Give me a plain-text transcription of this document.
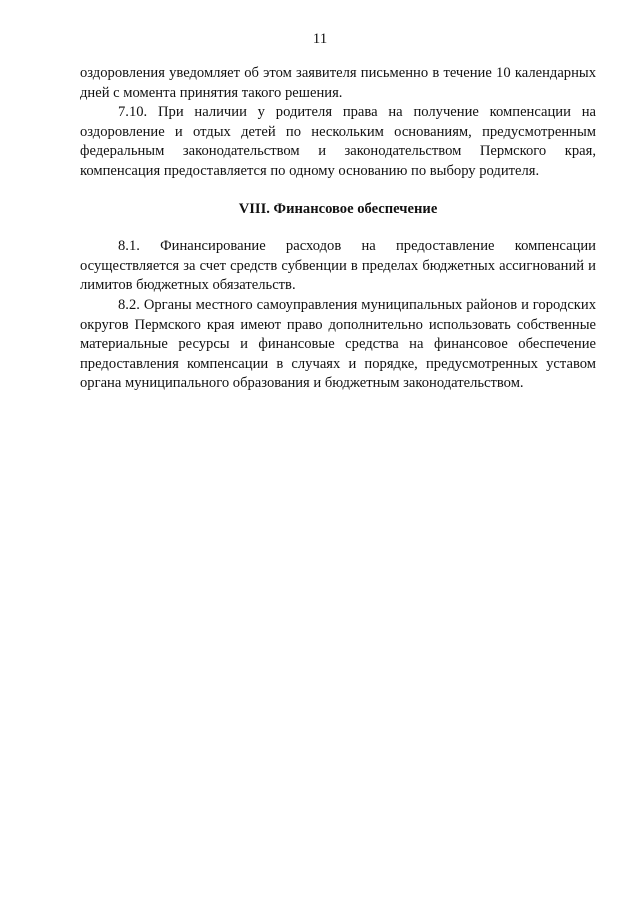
11

оздоровления уведомляет об этом заявителя письменно в течение 10 календарных дней с момента принятия такого решения.

7.10. При наличии у родителя права на получение компенсации на оздоровление и отдых детей по нескольким основаниям, предусмотренным федеральным законодательством и законодательством Пермского края, компенсация предоставляется по одному основанию по выбору родителя.

VIII. Финансовое обеспечение

8.1. Финансирование расходов на предоставление компенсации осуществляется за счет средств субвенции в пределах бюджетных ассигнований и лимитов бюджетных обязательств.

8.2. Органы местного самоуправления муниципальных районов и городских округов Пермского края имеют право дополнительно использовать собственные материальные ресурсы и финансовые средства на финансовое обеспечение предоставления компенсации в случаях и порядке, предусмотренных уставом органа муниципального образования и бюджетным законодательством.
